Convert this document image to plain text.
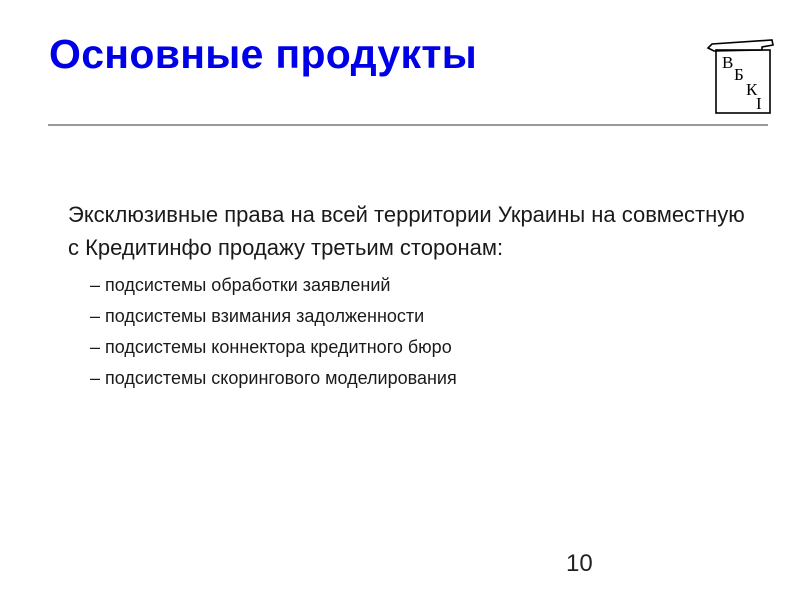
Основные продукты	В
Б
К
І

Эксклюзивные права на всей территории Украины на совместную с Кредитинфо продажу третьим сторонам:

– подсистемы обработки заявлений
– подсистемы взимания задолженности
– подсистемы коннектора кредитного бюро
– подсистемы скорингового моделирования
10
